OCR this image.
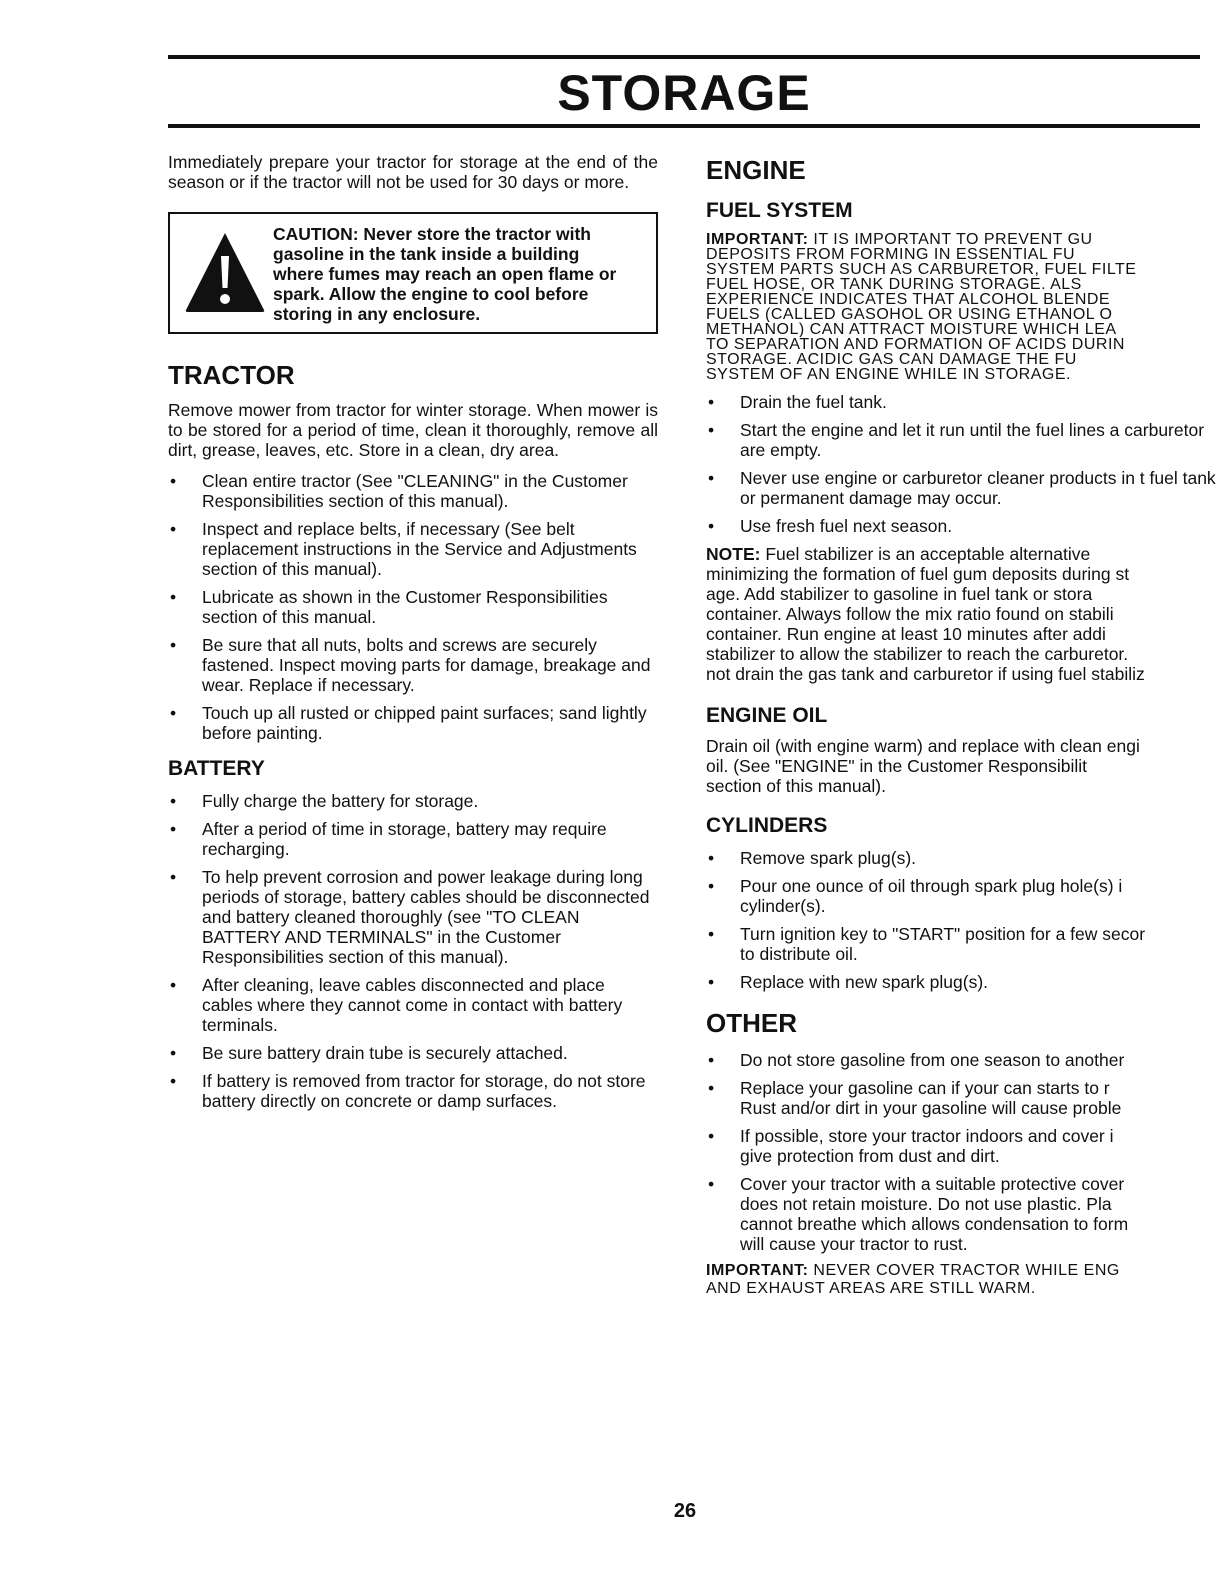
STORAGE

Immediately prepare your tractor for storage at the end of the season or if the tractor will not be used for 30 days or more.

CAUTION: Never store the tractor with gasoline in the tank inside a building where fumes may reach an open flame or spark. Allow the engine to cool before storing in any enclosure.
TRACTOR

Remove mower from tractor for winter storage. When mower is to be stored for a period of time, clean it thoroughly, remove all dirt, grease, leaves, etc. Store in a clean, dry area.

• Clean entire tractor (See "CLEANING" in the Customer Responsibilities section of this manual).
• Inspect and replace belts, if necessary (See belt replacement instructions in the Service and Adjustments section of this manual).
• Lubricate as shown in the Customer Responsibilities section of this manual.
• Be sure that all nuts, bolts and screws are securely fastened. Inspect moving parts for damage, breakage and wear. Replace if necessary.
• Touch up all rusted or chipped paint surfaces; sand lightly before painting.
BATTERY
• Fully charge the battery for storage.
• After a period of time in storage, battery may require recharging.
• To help prevent corrosion and power leakage during long periods of storage, battery cables should be disconnected and battery cleaned thoroughly (see "TO CLEAN BATTERY AND TERMINALS" in the Customer Responsibilities section of this manual).
• After cleaning, leave cables disconnected and place cables where they cannot come in contact with battery terminals.
• Be sure battery drain tube is securely attached.
• If battery is removed from tractor for storage, do not store battery directly on concrete or damp surfaces.
ENGINE
FUEL SYSTEM
IMPORTANT: IT IS IMPORTANT TO PREVENT GU
DEPOSITS FROM FORMING IN ESSENTIAL FU
SYSTEM PARTS SUCH AS CARBURETOR, FUEL FILTE
FUEL HOSE, OR TANK DURING STORAGE. ALS
EXPERIENCE INDICATES THAT ALCOHOL BLENDE
FUELS (CALLED GASOHOL OR USING ETHANOL O
METHANOL) CAN ATTRACT MOISTURE WHICH LEA
TO SEPARATION AND FORMATION OF ACIDS DURIN
STORAGE. ACIDIC GAS CAN DAMAGE THE FU
SYSTEM OF AN ENGINE WHILE IN STORAGE.
• Drain the fuel tank.
• Start the engine and let it run until the fuel lines a carburetor are empty.
• Never use engine or carburetor cleaner products in t fuel tank or permanent damage may occur.
• Use fresh fuel next season.

NOTE: Fuel stabilizer is an acceptable alternative

minimizing the formation of fuel gum deposits during st

age. Add stabilizer to gasoline in fuel tank or stora

container. Always follow the mix ratio found on stabili

container. Run engine at least 10 minutes after addi

stabilizer to allow the stabilizer to reach the carburetor.

not drain the gas tank and carburetor if using fuel stabiliz

ENGINE OIL

Drain oil (with engine warm) and replace with clean engi

oil. (See "ENGINE" in the Customer Responsibilit

section of this manual).

CYLINDERS
• Remove spark plug(s).
• Pour one ounce of oil through spark plug hole(s) i
cylinder(s).
• Turn ignition key to "START" position for a few secor
to distribute oil.
• Replace with new spark plug(s).
OTHER
• Do not store gasoline from one season to another
• Replace your gasoline can if your can starts to r
Rust and/or dirt in your gasoline will cause proble
• If possible, store your tractor indoors and cover i
give protection from dust and dirt.
• Cover your tractor with a suitable protective cover
does not retain moisture. Do not use plastic. Pla
cannot breathe which allows condensation to form
will cause your tractor to rust.
IMPORTANT: NEVER COVER TRACTOR WHILE ENG
AND EXHAUST AREAS ARE STILL WARM.
26
